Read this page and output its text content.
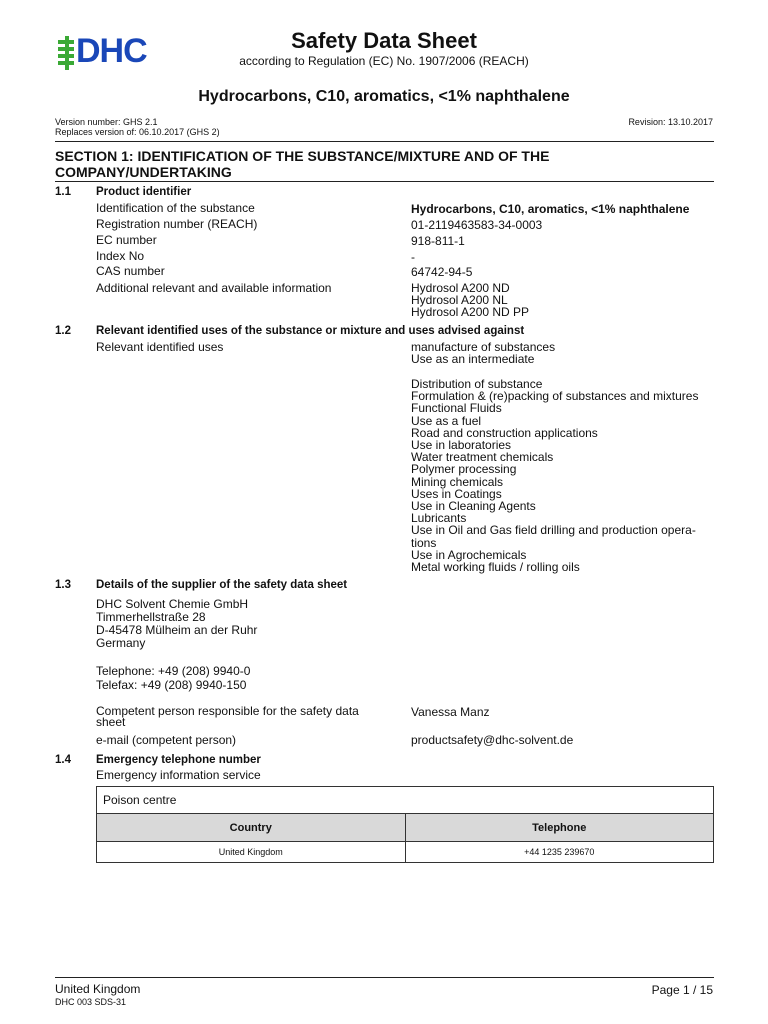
DHC	Safety Data Sheet
according to Regulation (EC) No. 1907/2006 (REACH)
Hydrocarbons, C10, aromatics, <1% naphthalene
Version number: GHS 2.1
Replaces version of: 06.10.2017 (GHS 2)
Revision: 13.10.2017
SECTION 1: IDENTIFICATION OF THE SUBSTANCE/MIXTURE AND OF THE
COMPANY/UNDERTAKING
1.1 Product identifier
Identification of the substance	Hydrocarbons, C10, aromatics, <1% naphthalene
Registration number (REACH)	01-2119463583-34-0003
EC number	918-811-1
Index No	-
CAS number	64742-94-5
Additional relevant and available information	Hydrosol A200 ND
Hydrosol A200 NL
Hydrosol A200 ND PP
1.2 Relevant identified uses of the substance or mixture and uses advised against
Relevant identified uses	manufacture of substances
Use as an intermediate
Distribution of substance
Formulation & (re)packing of substances and mixtures
Functional Fluids
Use as a fuel
Road and construction applications
Use in laboratories
Water treatment chemicals
Polymer processing
Mining chemicals
Uses in Coatings
Use in Cleaning Agents
Lubricants
Use in Oil and Gas field drilling and production opera-
tions
Use in Agrochemicals
Metal working fluids / rolling oils
1.3 Details of the supplier of the safety data sheet
DHC Solvent Chemie GmbH
Timmerhellstraße 28
D-45478 Mülheim an der Ruhr
Germany
Telephone: +49 (208) 9940-0
Telefax: +49 (208) 9940-150
Competent person responsible for the safety data
sheet
Vanessa Manz
e-mail (competent person)	productsafety@dhc-solvent.de
1.4 Emergency telephone number
Emergency information service
Poison centre	
Country	Telephone
United Kingdom	+44 1235 239670
United Kingdom
DHC 003 SDS-31
Page 1 / 15
